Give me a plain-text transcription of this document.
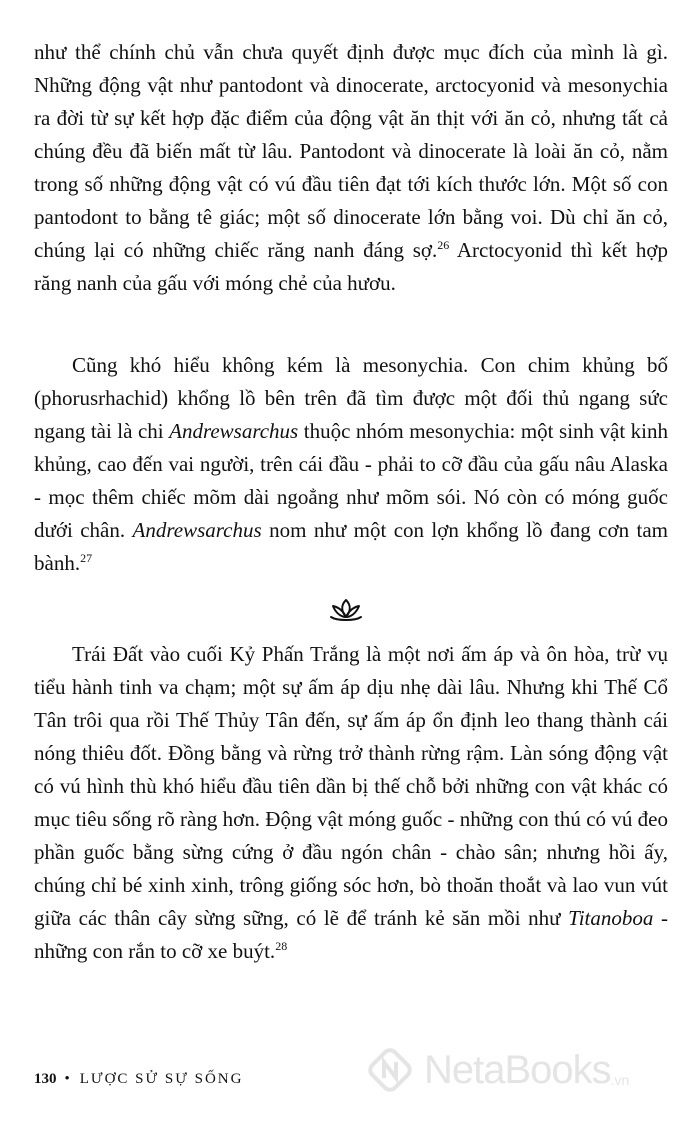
như thể chính chủ vẫn chưa quyết định được mục đích của mình là gì. Những động vật như pantodont và dinocerate, arctocyonid và mesonychia ra đời từ sự kết hợp đặc điểm của động vật ăn thịt với ăn cỏ, nhưng tất cả chúng đều đã biến mất từ lâu. Pantodont và dinocerate là loài ăn cỏ, nằm trong số những động vật có vú đầu tiên đạt tới kích thước lớn. Một số con pantodont to bằng tê giác; một số dinocerate lớn bằng voi. Dù chỉ ăn cỏ, chúng lại có những chiếc răng nanh đáng sợ.$^{26}$ Arctocyonid thì kết hợp răng nanh của gấu với móng chẻ của hươu.

Cũng khó hiểu không kém là mesonychia. Con chim khủng bố (phorusrhachid) khổng lồ bên trên đã tìm được một đối thủ ngang sức ngang tài là chi Andrewsarchus thuộc nhóm mesonychia: một sinh vật kinh khủng, cao đến vai người, trên cái đầu - phải to cỡ đầu của gấu nâu Alaska - mọc thêm chiếc mõm dài ngoẳng như mõm sói. Nó còn có móng guốc dưới chân. Andrewsarchus nom như một con lợn khổng lồ đang cơn tam bành.$^{27}$

Trái Đất vào cuối Kỷ Phấn Trắng là một nơi ấm áp và ôn hòa, trừ vụ tiểu hành tinh va chạm; một sự ấm áp dịu nhẹ dài lâu. Nhưng khi Thế Cổ Tân trôi qua rồi Thế Thủy Tân đến, sự ấm áp ổn định leo thang thành cái nóng thiêu đốt. Đồng bằng và rừng trở thành rừng rậm. Làn sóng động vật có vú hình thù khó hiểu đầu tiên dần bị thế chỗ bởi những con vật khác có mục tiêu sống rõ ràng hơn. Động vật móng guốc - những con thú có vú đeo phần guốc bằng sừng cứng ở đầu ngón chân - chào sân; nhưng hồi ấy, chúng chỉ bé xinh xinh, trông giống sóc hơn, bò thoăn thoắt và lao vun vút giữa các thân cây sừng sững, có lẽ để tránh kẻ săn mồi như Titanoboa - những con rắn to cỡ xe buýt.$^{28}$

130 • LƯỢC SỬ SỰ SỐNG	NetaBooks .vn
